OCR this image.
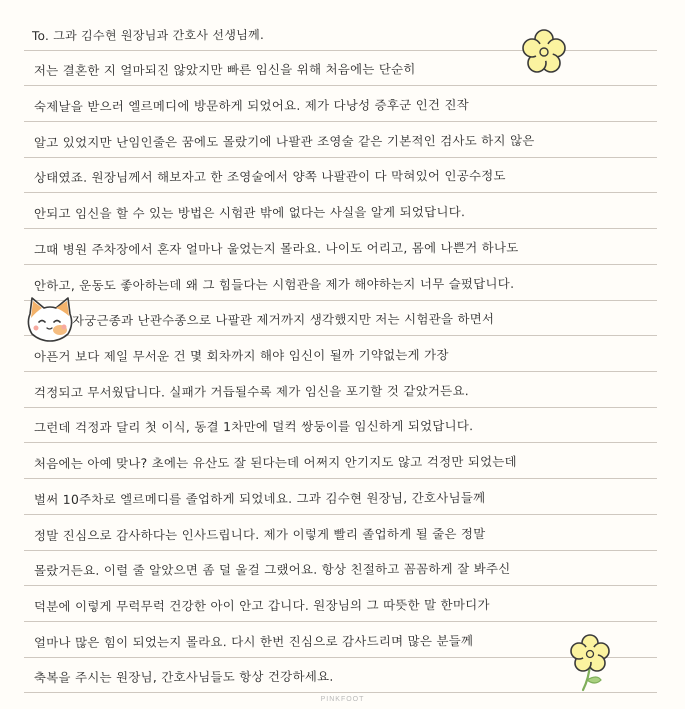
To. 그과 김수현 원장님과 간호사 선생님께.
저는 결혼한 지 얼마되진 않았지만 빠른 임신을 위해 처음에는 단순히
숙제날을 받으러 엘르메디에 방문하게 되었어요. 제가 다낭성 증후군 인건 진작
알고 있었지만 난임인줄은 꿈에도 몰랐기에 나팔관 조영술 같은 기본적인 검사도 하지 않은
상태였죠. 원장님께서 해보자고 한 조영술에서 양쪽 나팔관이 다 막혀있어 인공수정도
안되고 임신을 할 수 있는 방법은 시험관 밖에 없다는 사실을 알게 되었답니다.
그때 병원 주차장에서 혼자 얼마나 울었는지 몰라요. 나이도 어리고, 몸에 나쁜거 하나도
안하고, 운동도 좋아하는데 왜 그 힘들다는 시험관을 제가 해야하는지 너무 슬펐답니다.
자궁근종과 난관수종으로 나팔관 제거까지 생각했지만 저는 시험관을 하면서
아픈거 보다 제일 무서운 건 몇 회차까지 해야 임신이 될까 기약없는게 가장
걱정되고 무서웠답니다. 실패가 거듭될수록 제가 임신을 포기할 것 같았거든요.
그런데 걱정과 달리 첫 이식, 동결 1차만에 덜컥 쌍둥이를 임신하게 되었답니다.
처음에는 아예 맞나? 초에는 유산도 잘 된다는데 어쩌지 안기지도 않고 걱정만 되었는데
벌써 10주차로 엘르메디를 졸업하게 되었네요. 그과 김수현 원장님, 간호사님들께
정말 진심으로 감사하다는 인사드립니다. 제가 이렇게 빨리 졸업하게 될 줄은 정말
몰랐거든요. 이럴 줄 알았으면 좀 덜 울걸 그랬어요. 항상 친절하고 꼼꼼하게 잘 봐주신
덕분에 이렇게 무럭무럭 건강한 아이 안고 갑니다. 원장님의 그 따뜻한 말 한마디가
얼마나 많은 힘이 되었는지 몰라요. 다시 한번 진심으로 감사드리며 많은 분들께
축복을 주시는 원장님, 간호사님들도 항상 건강하세요.
PINKFOOT
